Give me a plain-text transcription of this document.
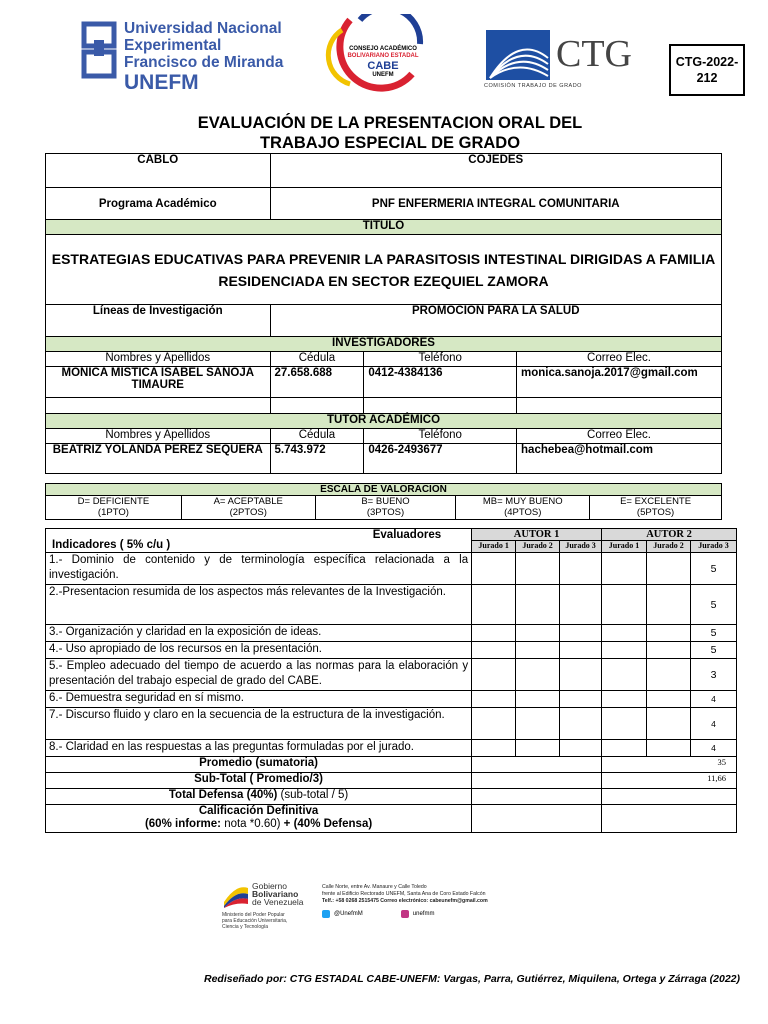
Universidad Nacional
Experimental
Francisco de Miranda
UNEFM
CONSEJO ACADÉMICO
BOLIVARIANO ESTADAL
CABE
UNEFM	CTG
COMISIÓN TRABAJO DE GRADO
CTG-2022-212
EVALUACIÓN DE LA PRESENTACION ORAL DEL
TRABAJO ESPECIAL DE GRADO
CABLO	COJEDES		
Programa Académico	PNF ENFERMERIA INTEGRAL COMUNITARIA		
TITULO			
ESTRATEGIAS EDUCATIVAS PARA PREVENIR LA PARASITOSIS INTESTINAL DIRIGIDAS A FAMILIA RESIDENCIADA EN SECTOR EZEQUIEL ZAMORA			
Líneas de Investigación	PROMOCION PARA LA SALUD		
INVESTIGADORES			
Nombres y Apellidos	Cédula	Teléfono	Correo Elec.
MONICA MISTICA ISABEL SANOJA TIMAURE	27.658.688	0412-4384136	monica.sanoja.2017@gmail.com

TUTOR ACADÉMICO			
Nombres y Apellidos	Cédula	Teléfono	Correo Elec.
BEATRIZ YOLANDA PEREZ SEQUERA	5.743.972	0426-2493677	hachebea@hotmail.com
ESCALA DE VALORACION

D= DEFICIENTE
(1PTO)

A= ACEPTABLE
(2PTOS)

B= BUENO
(3PTOS)

MB= MUY BUENO
(4PTOS)

E= EXCELENTE
(5PTOS)
Evaluadores
Indicadores ( 5% c/u )	AUTOR 1			AUTOR 2		
	Jurado 1	Jurado 2	Jurado 3	Jurado 1	Jurado 2	Jurado 3
1.- Dominio de contenido y de terminología específica relacionada a la investigación.						5
2.-Presentacion resumida de los aspectos más relevantes de la Investigación.						5
3.- Organización y claridad en la exposición de ideas.						5
4.- Uso apropiado de los recursos en la presentación.						5
5.- Empleo adecuado del tiempo de acuerdo a las normas para la elaboración y presentación del trabajo especial de grado del CABE.						3
6.- Demuestra seguridad en sí mismo.						4
7.- Discurso fluido y claro en la secuencia de la estructura de la investigación.						4
8.- Claridad en las respuestas a las preguntas formuladas por el jurado.						4
Promedio (sumatoria)				35		
Sub-Total ( Promedio/3)				11,66		
Total Defensa (40%) (sub-total / 5)						

Calificación Definitiva
(60% informe: nota *0.60) + (40% Defensa)						

Gobierno
Bolivariano
de Venezuela
Ministerio del Poder Popular
para Educación Universitaria,
Ciencia y Tecnología
Calle Norte, entre Av. Manaure y Calle Toledo
frente al Edificio Rectorado UNEFM, Santa Ana de Coro Estado Falcón
Telf.: +58 0268 2515475 Correo electrónico: cabeunefm@gmail.com
@UnefmM	unefmm
Rediseñado por: CTG ESTADAL CABE-UNEFM: Vargas, Parra, Gutiérrez, Miquilena, Ortega y Zárraga (2022)
